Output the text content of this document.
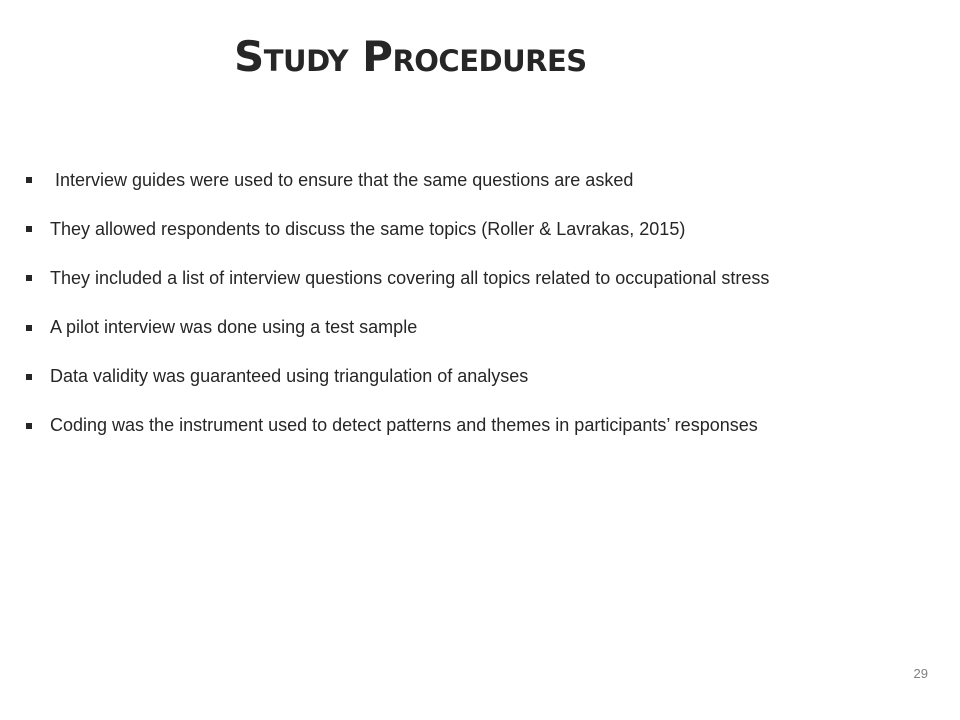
Study Procedures
Interview guides were used to ensure that the same questions are asked
They allowed respondents to discuss the same topics (Roller & Lavrakas, 2015)
They included a list of interview questions covering all topics related to occupational stress
A pilot interview was done using a test sample
Data validity was guaranteed using triangulation of analyses
Coding was the instrument used to detect patterns and themes in participants’ responses
29
